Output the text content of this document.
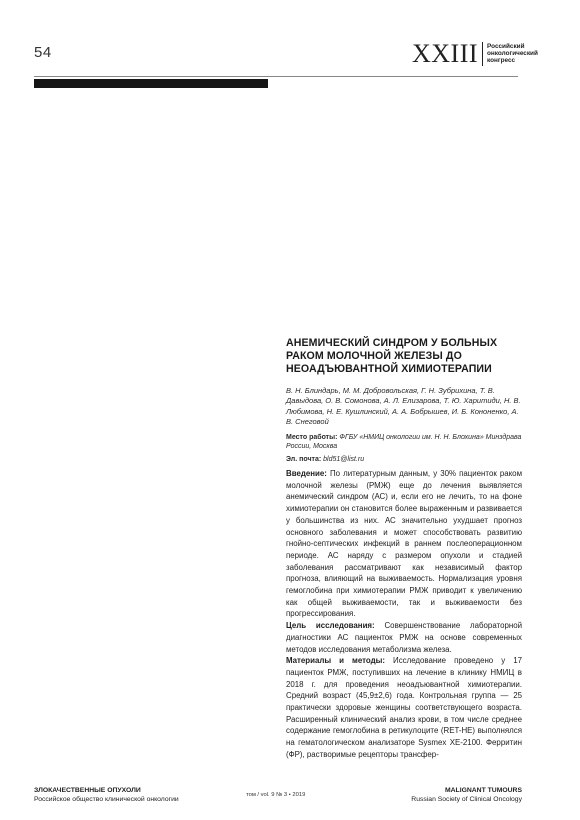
54	XXIII	Российский
онкологический
конгресс
АНЕМИЧЕСКИЙ СИНДРОМ У БОЛЬНЫХ РАКОМ МОЛОЧНОЙ ЖЕЛЕЗЫ ДО НЕОАДЪЮВАНТНОЙ ХИМИОТЕРАПИИ
В. Н. Блиндарь, М. М. Добровольская, Г. Н. Зубрихина, Т. В. Давыдова, О. В. Сомонова, А. Л. Елизарова, Т. Ю. Харитиди, Н. В. Любимова, Н. Е. Кушлинский, А. А. Бобрышев, И. Б. Кононенко, А. В. Снеговой
Место работы: ФГБУ «НМИЦ онкологии им. Н. Н. Блохина» Минздрава России, Москва
Эл. почта: bld51@list.ru

Введение: По литературным данным, у 30% пациенток раком молочной железы (РМЖ) еще до лечения выявляется анемический синдром (АС) и, если его не лечить, то на фоне химиотерапии он становится более выраженным и развивается у большинства из них. АС значительно ухудшает прогноз основного заболевания и может способствовать развитию гнойно-септических инфекций в раннем послеоперационном периоде. АС наряду с размером опухоли и стадией заболевания рассматривают как независимый фактор прогноза, влияющий на выживаемость. Нормализация уровня гемоглобина при химиотерапии РМЖ приводит к увеличению как общей выживаемости, так и выживаемости без прогрессирования.

Цель исследования: Совершенствование лабораторной диагностики АС пациенток РМЖ на основе современных методов исследования метаболизма железа.

Материалы и методы: Исследование проведено у 17 пациенток РМЖ, поступивших на лечение в клинику НМИЦ в 2018 г. для проведения неоадъювантной химиотерапии. Средний возраст (45,9±2,6) года. Контрольная группа — 25 практически здоровые женщины соответствующего возраста. Расширенный клинический анализ крови, в том числе среднее содержание гемоглобина в ретикулоците (RET-HE) выполнялся на гематологическом анализаторе Sysmex XE-2100. Ферритин (ФР), растворимые рецепторы трансфер-

ЗЛОКАЧЕСТВЕННЫЕ ОПУХОЛИ
Российское общество клинической онкологии
том / vol. 9 № 3 • 2019
MALIGNANT TUMOURS
Russian Society of Clinical Oncology
